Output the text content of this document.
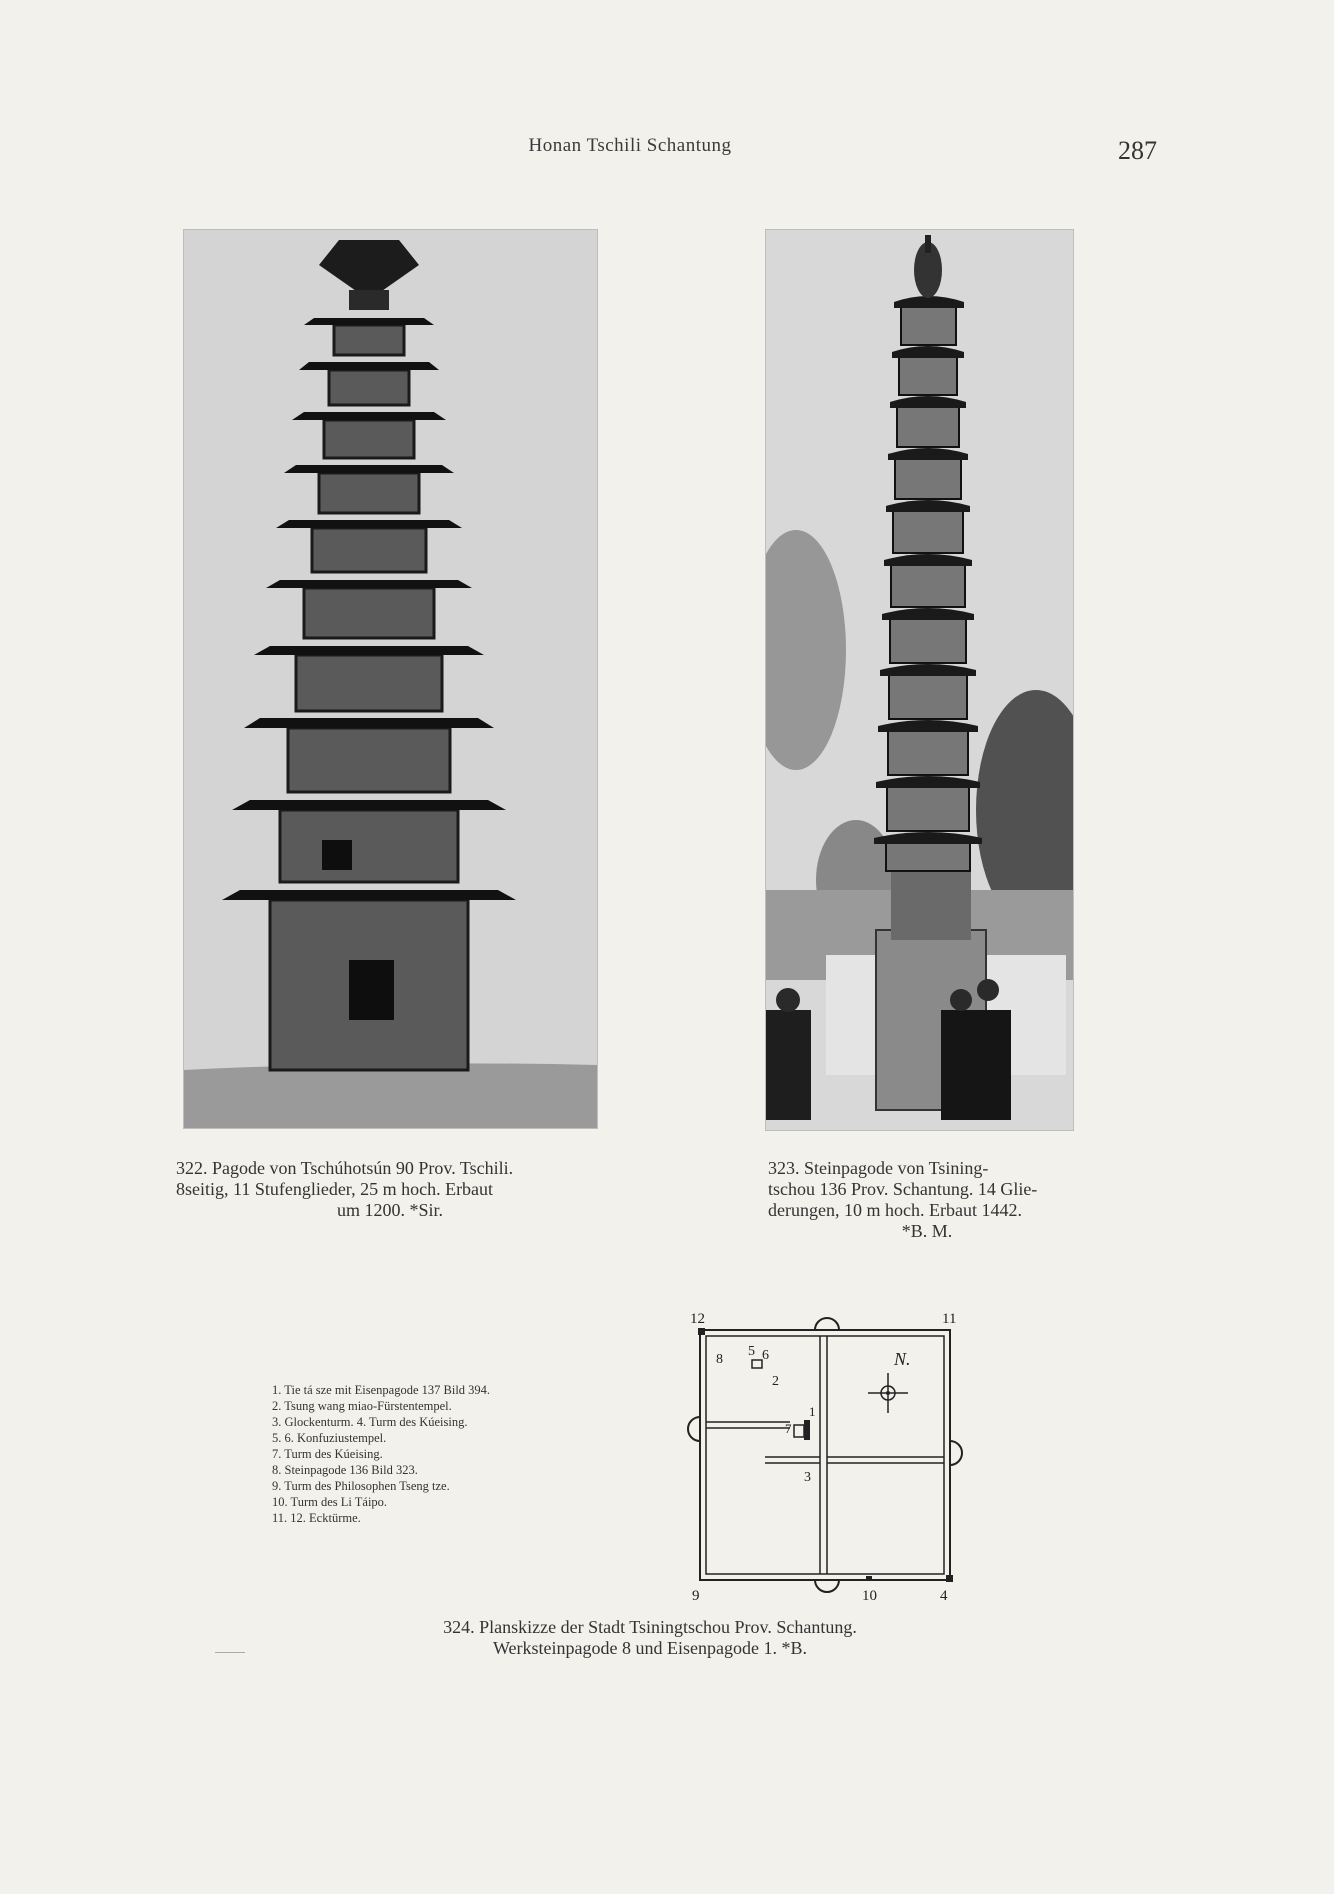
Honan Tschili Schantung	287
322. Pagode von Tschúhotsún 90 Prov. Tschili.
8seitig, 11 Stufenglieder, 25 m hoch. Erbaut
um 1200. *Sir.
323. Steinpagode von Tsining-
tschou 136 Prov. Schantung. 14 Glie-
derungen, 10 m hoch. Erbaut 1442.
*B. M.
1. Tie tá sze mit Eisenpagode 137 Bild 394.
2. Tsung wang miao-Fürstentempel.
3. Glockenturm. 4. Turm des Kúeising.
5. 6. Konfuziustempel.
7. Turm des Kúeising.
8. Steinpagode 136 Bild 323.
9. Turm des Philosophen Tseng tze.
10. Turm des Li Táipo.
11. 12. Ecktürme.
12	11
8
5 6
2
7
1
3
9	10	4
N.
324. Planskizze der Stadt Tsiningtschou Prov. Schantung.
Werksteinpagode 8 und Eisenpagode 1. *B.
